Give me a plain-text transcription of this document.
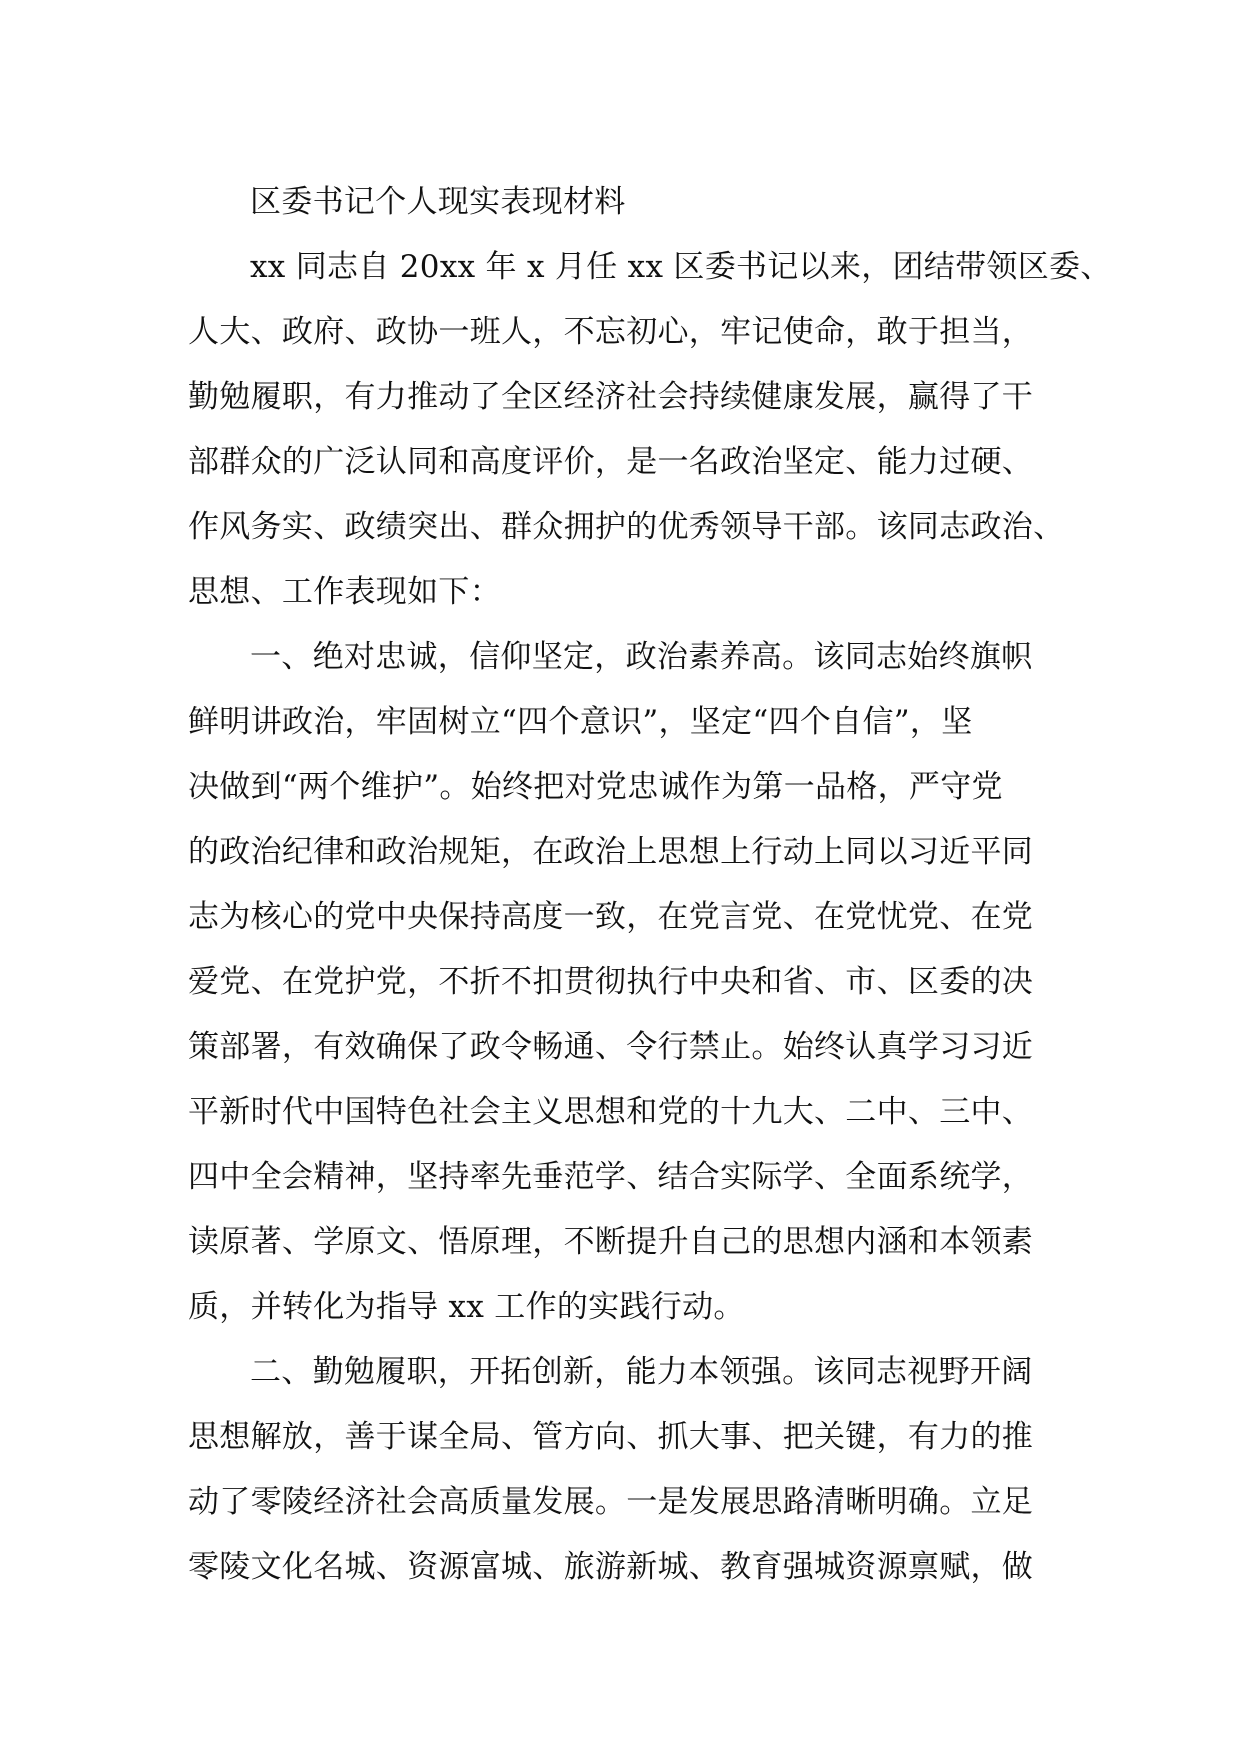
区委书记个人现实表现材料

xx 同志自 20xx 年 x 月任 xx 区委书记以来，团结带领区委、
人大、政府、政协一班人，不忘初心，牢记使命，敢于担当，
勤勉履职，有力推动了全区经济社会持续健康发展，赢得了干
部群众的广泛认同和高度评价，是一名政治坚定、能力过硬、
作风务实、政绩突出、群众拥护的优秀领导干部。该同志政治、
思想、工作表现如下：
一、绝对忠诚，信仰坚定，政治素养高。该同志始终旗帜
鲜明讲政治，牢固树立“四个意识”，坚定“四个自信”，坚
决做到“两个维护”。始终把对党忠诚作为第一品格，严守党
的政治纪律和政治规矩，在政治上思想上行动上同以习近平同
志为核心的党中央保持高度一致，在党言党、在党忧党、在党
爱党、在党护党，不折不扣贯彻执行中央和省、市、区委的决
策部署，有效确保了政令畅通、令行禁止。始终认真学习习近
平新时代中国特色社会主义思想和党的十九大、二中、三中、
四中全会精神，坚持率先垂范学、结合实际学、全面系统学，
读原著、学原文、悟原理，不断提升自己的思想内涵和本领素
质，并转化为指导 xx 工作的实践行动。
二、勤勉履职，开拓创新，能力本领强。该同志视野开阔
思想解放，善于谋全局、管方向、抓大事、把关键，有力的推
动了零陵经济社会高质量发展。一是发展思路清晰明确。立足
零陵文化名城、资源富城、旅游新城、教育强城资源禀赋，做
